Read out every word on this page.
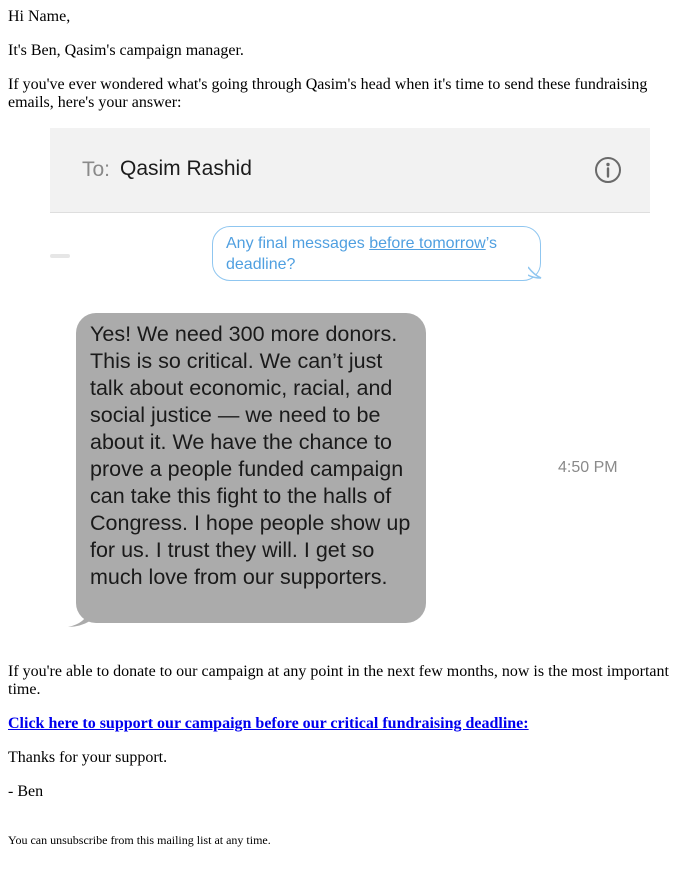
Hi Name,

It's Ben, Qasim's campaign manager.

If you've ever wondered what's going through Qasim's head when it's time to send these fundraising emails, here's your answer:

To: Qasim Rashid
Any final messages before tomorrow’s deadline?
Yes! We need 300 more donors. This is so critical. We can’t just talk about economic, racial, and social justice — we need to be about it. We have the chance to prove a people funded campaign can take this fight to the halls of Congress. I hope people show up for us. I trust they will. I get so much love from our supporters.
4:50 PM

If you're able to donate to our campaign at any point in the next few months, now is the most important time.

Click here to support our campaign before our critical fundraising deadline:

Thanks for your support.

- Ben

You can unsubscribe from this mailing list at any time.
